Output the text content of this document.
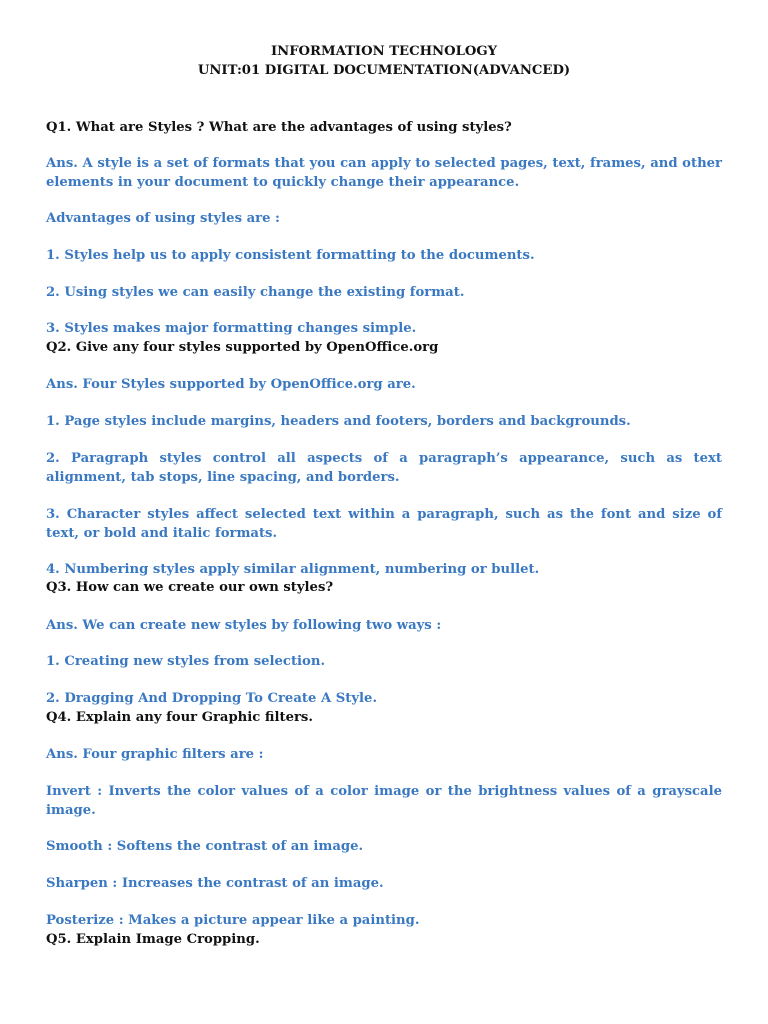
INFORMATION TECHNOLOGY
UNIT:01 DIGITAL DOCUMENTATION(ADVANCED)
Q1. What are Styles ? What are the advantages of using styles?
Ans. A style is a set of formats that you can apply to selected pages, text, frames, and other elements in your document to quickly change their appearance.
Advantages of using styles are :
1. Styles help us to apply consistent formatting to the documents.
2. Using styles we can easily change the existing format.
3. Styles makes major formatting changes simple.
Q2. Give any four styles supported by OpenOffice.org
Ans. Four Styles supported by OpenOffice.org are.
1. Page styles include margins, headers and footers, borders and backgrounds.
2. Paragraph styles control all aspects of a paragraph’s appearance, such as text alignment, tab stops, line spacing, and borders.
3. Character styles affect selected text within a paragraph, such as the font and size of text, or bold and italic formats.
4. Numbering styles apply similar alignment, numbering or bullet.
Q3. How can we create our own styles?
Ans. We can create new styles by following two ways :
1. Creating new styles from selection.
2. Dragging And Dropping To Create A Style.
Q4. Explain any four Graphic filters.
Ans. Four graphic filters are :
Invert : Inverts the color values of a color image or the brightness values of a grayscale image.
Smooth : Softens the contrast of an image.
Sharpen : Increases the contrast of an image.
Posterize : Makes a picture appear like a painting.
Q5. Explain Image Cropping.
